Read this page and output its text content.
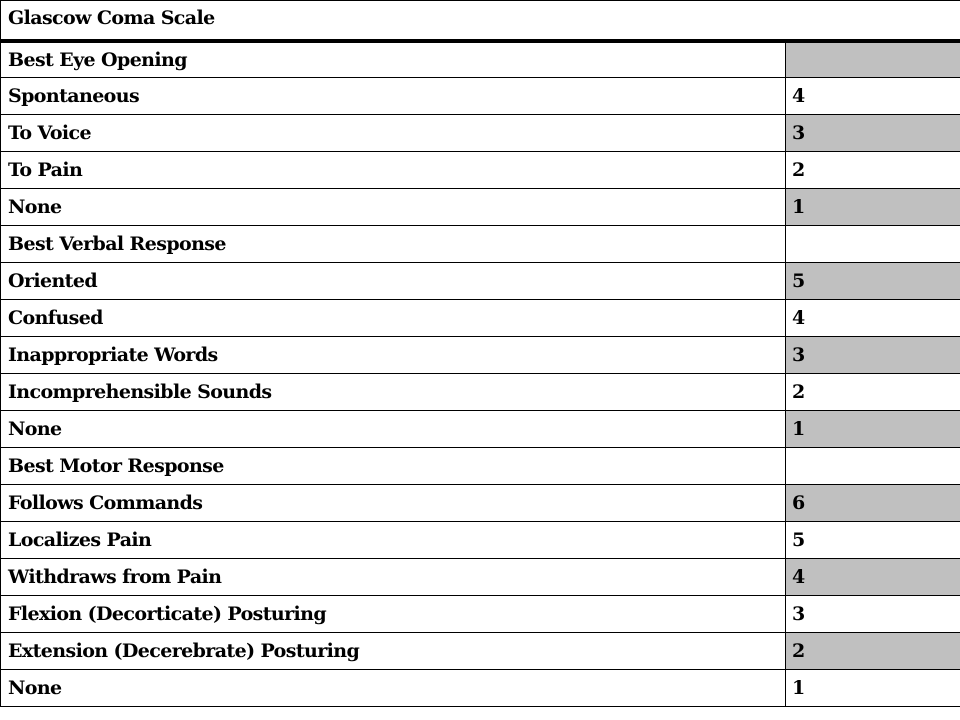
Glascow Coma Scale	
Best Eye Opening	
Spontaneous	4
To Voice	3
To Pain	2
None	1
Best Verbal Response	
Oriented	5
Confused	4
Inappropriate Words	3
Incomprehensible Sounds	2
None	1
Best Motor Response	
Follows Commands	6
Localizes Pain	5
Withdraws from Pain	4
Flexion (Decorticate) Posturing	3
Extension (Decerebrate) Posturing	2
None	1
